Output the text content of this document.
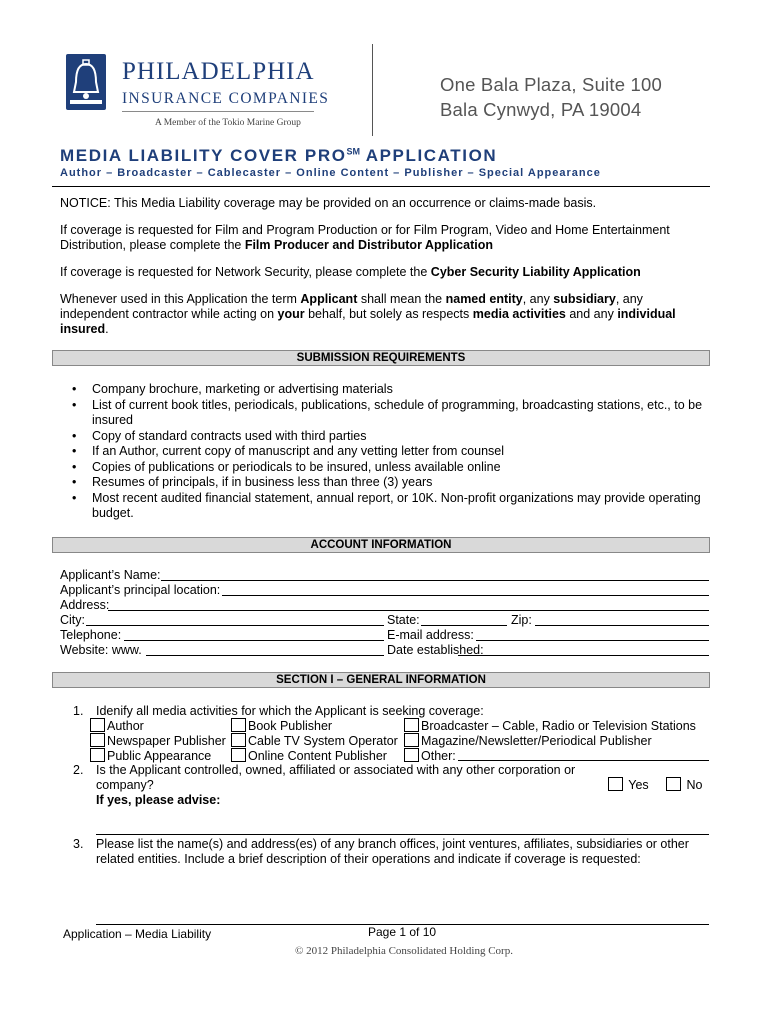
PHILADELPHIA
INSURANCE COMPANIES
A Member of the Tokio Marine Group
One Bala Plaza, Suite 100
Bala Cynwyd, PA 19004
MEDIA LIABILITY COVER PRO℠ APPLICATION
Author – Broadcaster – Cablecaster – Online Content – Publisher – Special Appearance
NOTICE: This Media Liability coverage may be provided on an occurrence or claims-made basis.
If coverage is requested for Film and Program Production or for Film Program, Video and Home Entertainment Distribution, please complete the Film Producer and Distributor Application
If coverage is requested for Network Security, please complete the Cyber Security Liability Application
Whenever used in this Application the term Applicant shall mean the named entity, any subsidiary, any independent contractor while acting on your behalf, but solely as respects media activities and any individual insured.
SUBMISSION REQUIREMENTS
• Company brochure, marketing or advertising materials
• List of current book titles, periodicals, publications, schedule of programming, broadcasting stations, etc., to be insured
• Copy of standard contracts used with third parties
• If an Author, current copy of manuscript and any vetting letter from counsel
• Copies of publications or periodicals to be insured, unless available online
• Resumes of principals, if in business less than three (3) years
• Most recent audited financial statement, annual report, or 10K. Non-profit organizations may provide operating budget.
ACCOUNT INFORMATION
Applicant’s Name:
Applicant’s principal location:
Address:
City:	State:	Zip:
Telephone:	E-mail address:
Website: www.	Date established:
SECTION I – GENERAL INFORMATION
1. Idenify all media activities for which the Applicant is seeking coverage:
Author	Book Publisher	Broadcaster – Cable, Radio or Television Stations
Newspaper Publisher	Cable TV System Operator	Magazine/Newsletter/Periodical Publisher
Public Appearance	Online Content Publisher	Other:
2. Is the Applicant controlled, owned, affiliated or associated with any other corporation or
company?	Yes	No
If yes, please advise:
3. Please list the name(s) and address(es) of any branch offices, joint ventures, affiliates, subsidiaries or other related entities. Include a brief description of their operations and indicate if coverage is requested:
Application – Media Liability	Page 1 of 10
© 2012 Philadelphia Consolidated Holding Corp.
